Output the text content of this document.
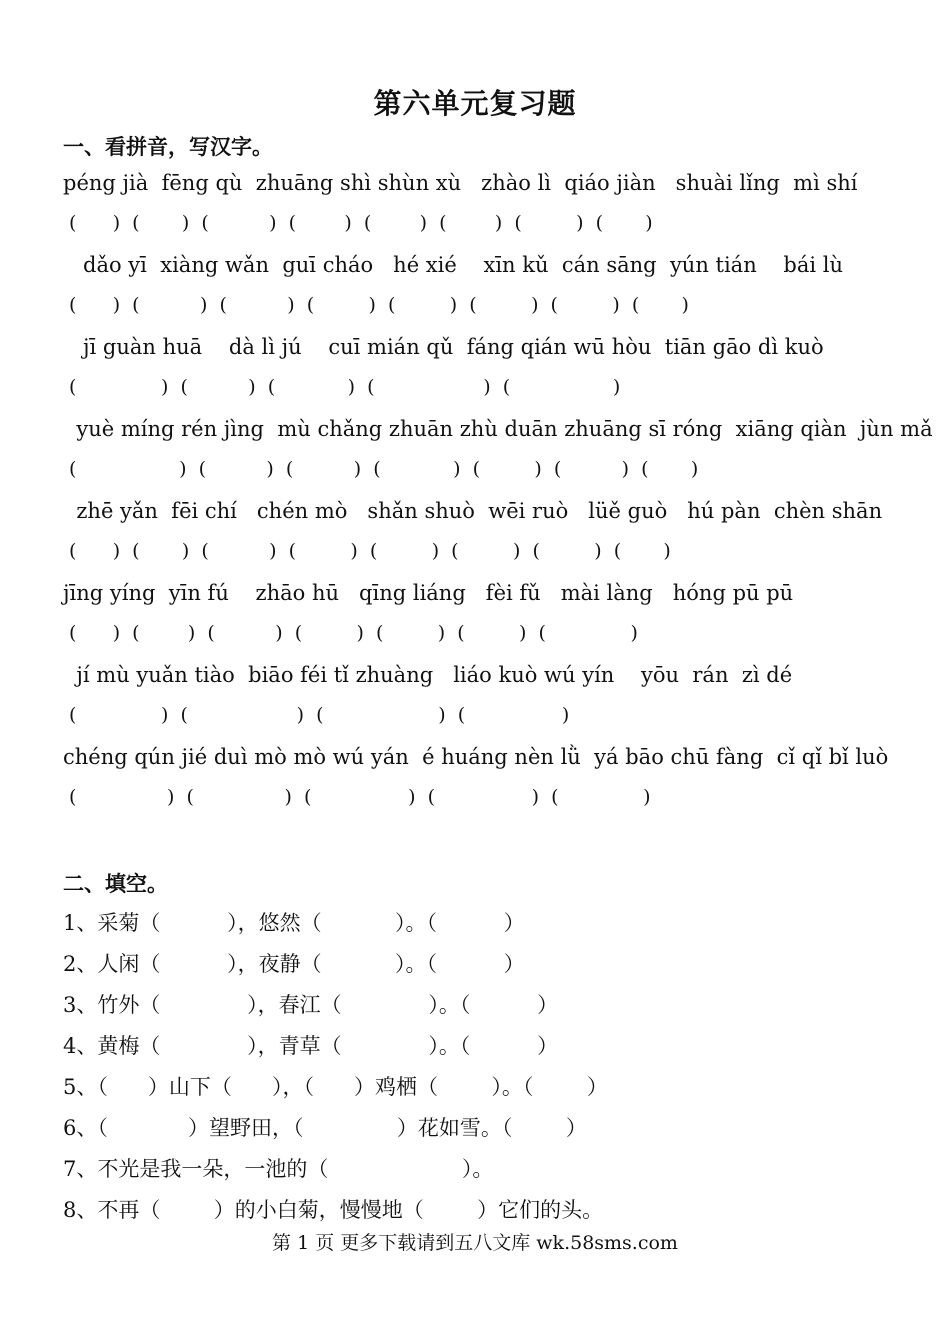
第六单元复习题
一、看拼音，写汉字。
péng jià  fēng qù  zhuāng shì shùn xù   zhào lì  qiáo jiàn   shuài lǐng  mì shí
(      )  (       )  (          )  (        )  (        )  (        )  (         )  (       )
dǎo yī  xiàng wǎn  guī cháo   hé xié    xīn kǔ  cán sāng  yún tián    bái lù
(      )  (          )  (          )  (         )  (         )  (         )  (         )  (       )
jī guàn huā    dà lì jú    cuī mián qǔ  fáng qián wū hòu  tiān gāo dì kuò
(              )  (          )  (            )  (                  )  (                 )
yuè míng rén jìng  mù chǎng zhuān zhù duān zhuāng sī róng  xiāng qiàn  jùn mǎ
(                 )  (          )  (          )  (            )  (         )  (          )  (       )
zhē yǎn  fēi chí   chén mò   shǎn shuò  wēi ruò   lüě guò   hú pàn  chèn shān
(      )  (       )  (          )  (         )  (         )  (         )  (         )  (       )
jīng yíng  yīn fú    zhāo hū   qīng liáng   fèi fǔ   mài làng   hóng pū pū
(      )  (        )  (          )  (         )  (         )  (         )  (              )
jí mù yuǎn tiào  biāo féi tǐ zhuàng   liáo kuò wú yín    yōu  rán  zì dé
(              )  (                  )  (                   )  (                )
chéng qún jié duì mò mò wú yán  é huáng nèn lǜ  yá bāo chū fàng  cǐ qǐ bǐ luò
(               )  (               )  (                )  (                )  (              )
二、填空。
1、采菊（          ），悠然（           ）。（          ）
2、人闲（          ），夜静（           ）。（          ）
3、竹外（             ），春江（             ）。（          ）
4、黄梅（             ），青草（             ）。（          ）
5、（      ）山下（      ），（      ）鸡栖（        ）。（        ）
6、（            ）望野田，（              ）花如雪。（        ）
7、不光是我一朵，一池的（                    ）。
8、不再（        ）的小白菊，慢慢地（        ）它们的头。
第 1 页 更多下载请到五八文库 wk.58sms.com
